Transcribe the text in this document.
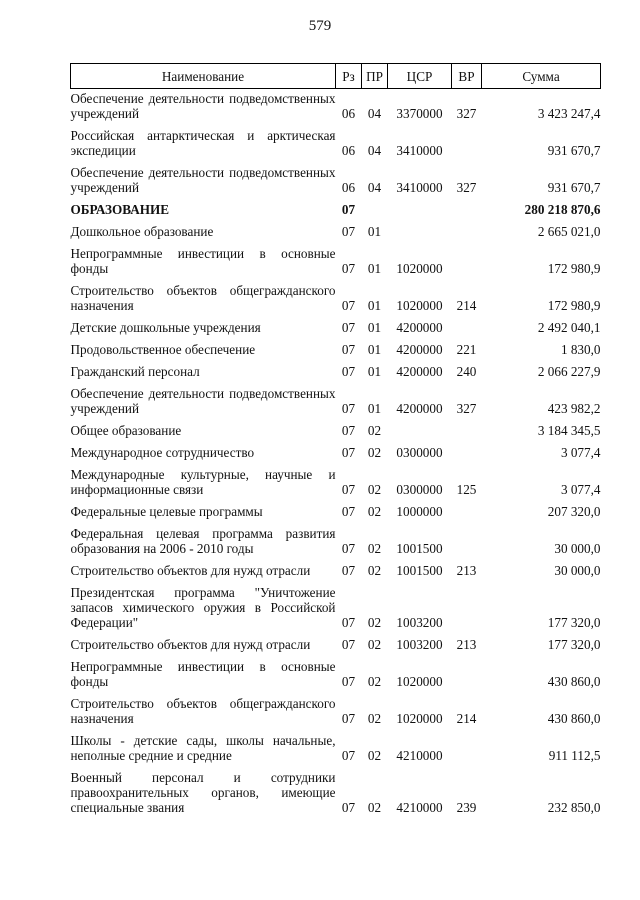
579
Наименование	Рз	ПР	ЦСР	ВР	Сумма
Обеспечение деятельности подведомственных учреждений	06	04	3370000	327	3 423 247,4
Российская антарктическая и арктическая экспедиции	06	04	3410000		931 670,7
Обеспечение деятельности подведомственных учреждений	06	04	3410000	327	931 670,7
ОБРАЗОВАНИЕ	07				280 218 870,6
Дошкольное образование	07	01			2 665 021,0
Непрограммные инвестиции в основные фонды	07	01	1020000		172 980,9
Строительство объектов общегражданского назначения	07	01	1020000	214	172 980,9
Детские дошкольные учреждения	07	01	4200000		2 492 040,1
Продовольственное обеспечение	07	01	4200000	221	1 830,0
Гражданский персонал	07	01	4200000	240	2 066 227,9
Обеспечение деятельности подведомственных учреждений	07	01	4200000	327	423 982,2
Общее образование	07	02			3 184 345,5
Международное сотрудничество	07	02	0300000		3 077,4
Международные культурные, научные и информационные связи	07	02	0300000	125	3 077,4
Федеральные целевые программы	07	02	1000000		207 320,0
Федеральная целевая программа развития образования на 2006 - 2010 годы	07	02	1001500		30 000,0
Строительство объектов для нужд отрасли	07	02	1001500	213	30 000,0
Президентская программа "Уничтожение запасов химического оружия в Российской Федерации"	07	02	1003200		177 320,0
Строительство объектов для нужд отрасли	07	02	1003200	213	177 320,0
Непрограммные инвестиции в основные фонды	07	02	1020000		430 860,0
Строительство объектов общегражданского назначения	07	02	1020000	214	430 860,0
Школы - детские сады, школы начальные, неполные средние и средние	07	02	4210000		911 112,5
Военный персонал и сотрудники правоохранительных органов, имеющие специальные звания	07	02	4210000	239	232 850,0
